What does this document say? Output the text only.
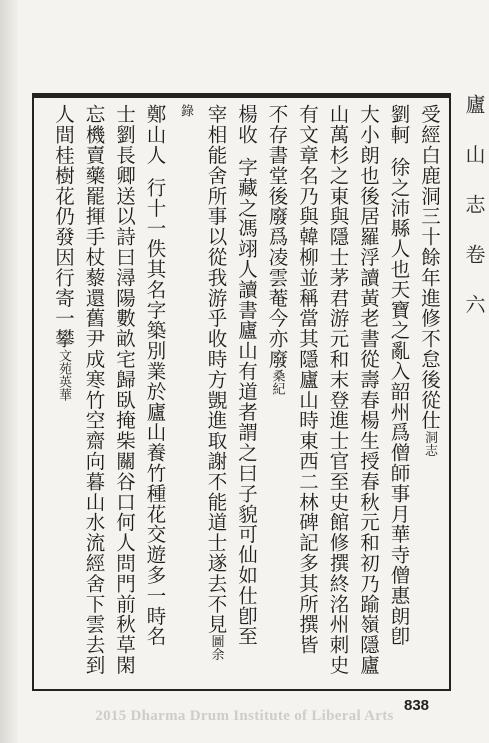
廬 山 志 卷 六
受經白鹿洞三十餘年進修不怠後從仕洞志
劉軻徐之沛縣人也天寶之亂入韶州爲僧師事月華寺僧惠朗卽
大小朗也後居羅浮讀黃老書從壽春楊生授春秋元和初乃踰嶺隱廬
山萬杉之東與隱士茅君游元和末登進士官至史館修撰終洺州刺史
有文章名乃與韓柳並稱當其隱廬山時東西二林碑記多其所撰皆
不存書堂後廢爲凌雲菴今亦廢桑紀
楊收字藏之馮翊人讀書廬山有道者謂之曰子貌可仙如仕卽至
宰相能舍所事以從我游乎收時方覬進取謝不能道士遂去不見圖余
錄
鄭山人行十一佚其名字築別業於廬山養竹種花交遊多一時名
士劉長卿送以詩曰潯陽數畝宅歸臥掩柴關谷口何人問門前秋草閑
忘機賣藥罷揮手杖藜還舊尹成寒竹空齋向暮山水流經舍下雲去到
人間桂樹花仍發因行寄一攀文苑英華
838
2015 Dharma Drum Institute of Liberal Arts
